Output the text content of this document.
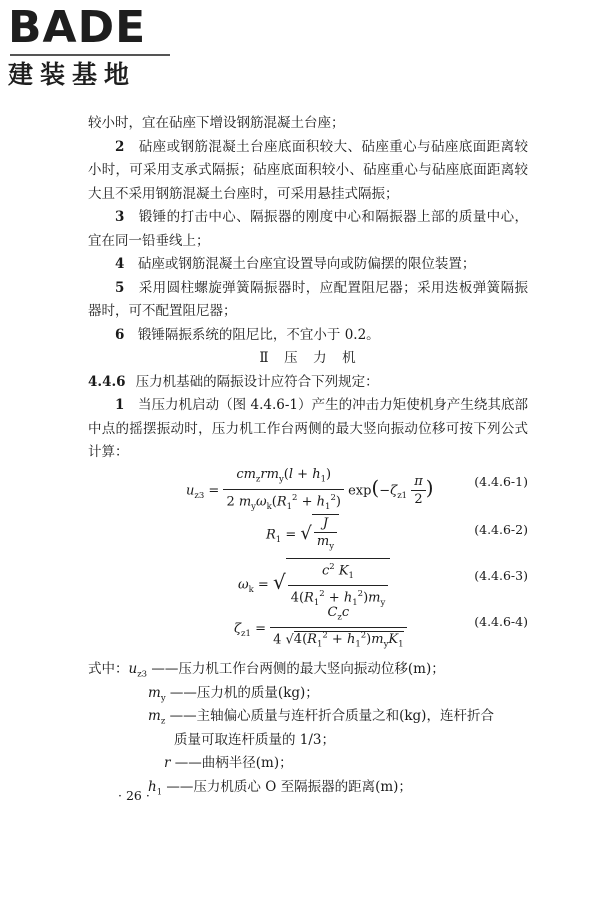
BADE
建装基地

较小时，宜在砧座下增设钢筋混凝土台座；

2　 砧座或钢筋混凝土台座底面积较大、砧座重心与砧座底面距离较小时，可采用支承式隔振；砧座底面积较小、砧座重心与砧座底面距离较大且不采用钢筋混凝土台座时，可采用悬挂式隔振；

3　 锻锤的打击中心、隔振器的刚度中心和隔振器上部的质量中心，宜在同一铅垂线上；

4　 砧座或钢筋混凝土台座宜设置导向或防偏摆的限位装置；

5　 采用圆柱螺旋弹簧隔振器时，应配置阻尼器；采用迭板弹簧隔振器时，可不配置阻尼器；

6　 锻锤隔振系统的阻尼比，不宜小于 0.2。

Ⅱ　压　力　机

4.4.6 压力机基础的隔振设计应符合下列规定：

1　 当压力机启动（图 4.4.6-1）产生的冲击力矩使机身产生绕其底部中点的摇摆振动时，压力机工作台两侧的最大竖向振动位移可按下列公式计算：

$u_{z3} = \frac{cm_zrm_y(l + h_1)}{2 m_y\omega_k(R_1^2 + h_1^2)} \exp(-\zeta_{z1} \frac{\pi}{2}$ )	(4.4.6-1)
$R_1$ = √ $\frac{J}{m_y}$	(4.4.6-2)
$\omega_k$ = √ $\frac{c^2 K_1}{4(R_1^2 + h_1^2)m_y}$	(4.4.6-3)
$\zeta_{z1} = \frac{C_zc}{4 √4(R_1^2 + h_1^2)m_yK_1}$	(4.4.6-4)
式中：$u_{z3}$ ——压力机工作台两侧的最大竖向振动位移(m)；
$m_y$ ——压力机的质量(kg)；
$m_z$ ——主轴偏心质量与连杆折合质量之和(kg)，连杆折合
质量可取连杆质量的 1/3；
r ——曲柄半径(m)；
$h_1$ ——压力机质心 O 至隔振器的距离(m)；
· 26 ·
